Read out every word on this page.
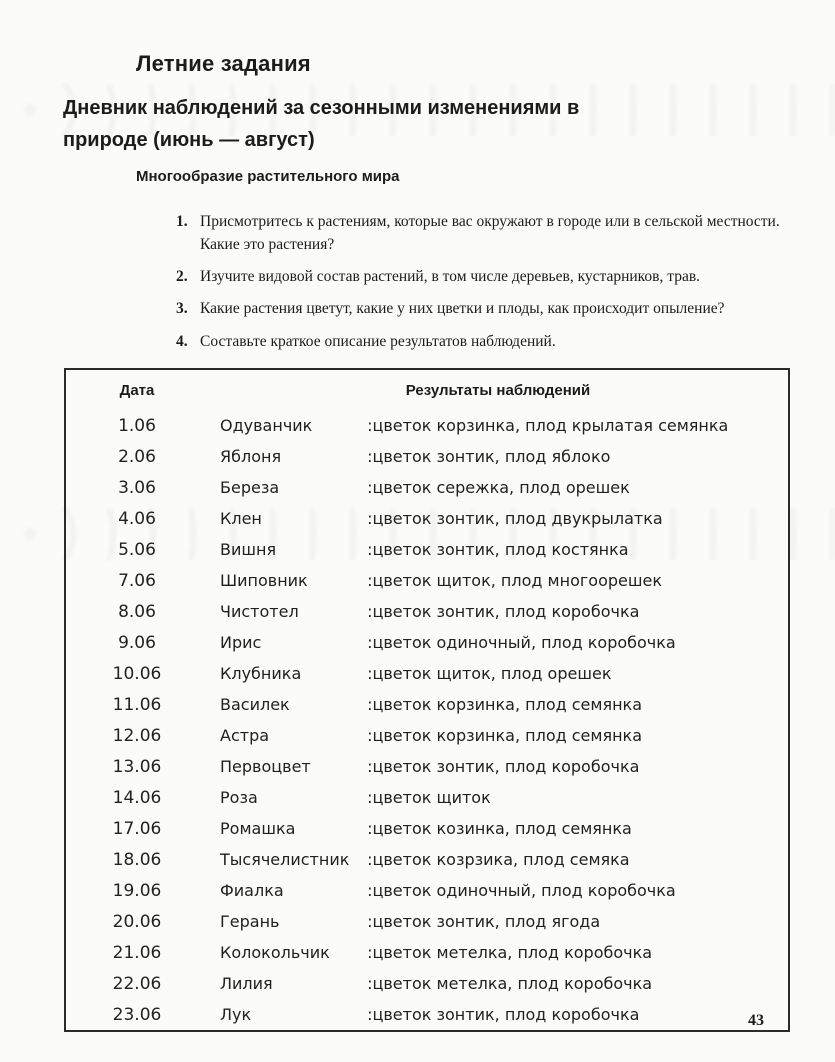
Летние задания
Дневник наблюдений за сезонными изменениями в природе (июнь — август)
Многообразие растительного мира
1. Присмотритесь к растениям, которые вас окружают в городе или в сельской местности. Какие это растения?
2. Изучите видовой состав растений, в том числе деревьев, кустарников, трав.
3. Какие растения цветут, какие у них цветки и плоды, как происходит опыление?
4. Составьте краткое описание результатов наблюдений.
Дата	Результаты наблюдений
1.06	Одуванчик :цветок корзинка, плод крылатая семянка
2.06	Яблоня :цветок зонтик, плод яблоко
3.06	Береза :цветок сережка, плод орешек
4.06	Клен :цветок зонтик, плод двукрылатка
5.06	Вишня :цветок зонтик, плод костянка
7.06	Шиповник :цветок щиток, плод многоорешек
8.06	Чистотел :цветок зонтик, плод коробочка
9.06	Ирис :цветок одиночный, плод коробочка
10.06	Клубника :цветок щиток, плод орешек
11.06	Василек :цветок корзинка, плод семянка
12.06	Астра :цветок корзинка, плод семянка
13.06	Первоцвет :цветок зонтик, плод коробочка
14.06	Роза :цветок щиток
17.06	Ромашка :цветок козинка, плод семянка
18.06	Тысячелистник :цветок козрзика, плод семяка
19.06	Фиалка :цветок одиночный, плод коробочка
20.06	Герань :цветок зонтик, плод ягода
21.06	Колокольчик :цветок метелка, плод коробочка
22.06	Лилия :цветок метелка, плод коробочка
23.06	Лук :цветок зонтик, плод коробочка	43
